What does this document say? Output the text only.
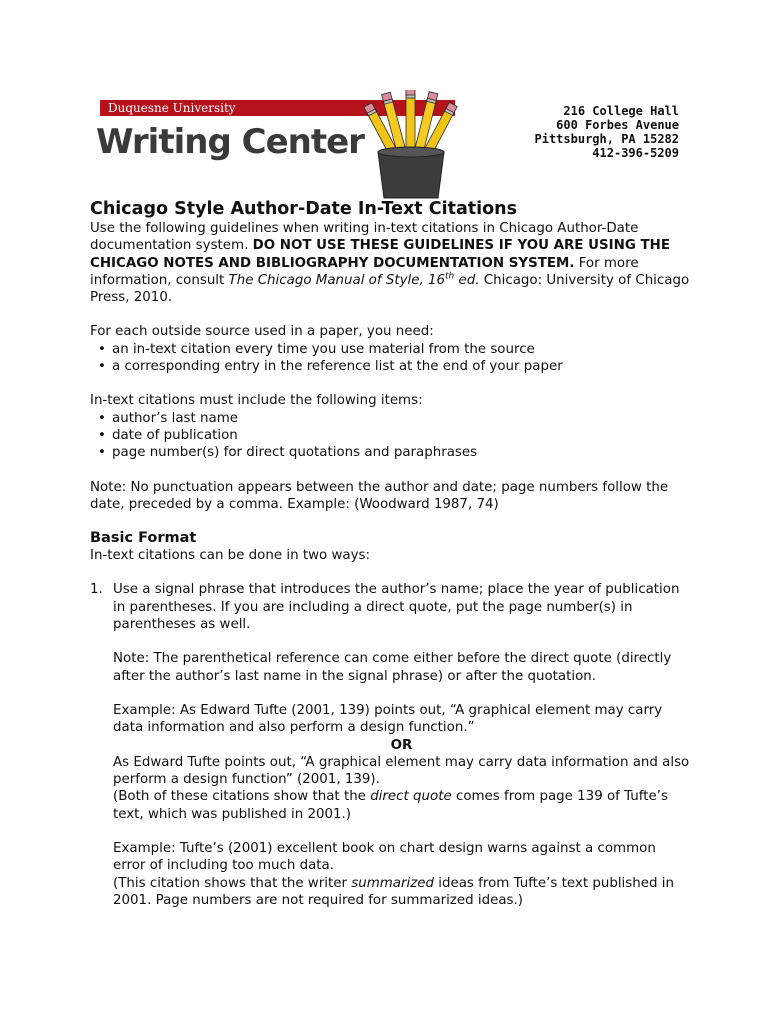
Duquesne University
Writing Center
216 College Hall
600 Forbes Avenue
Pittsburgh, PA 15282
412-396-5209
Chicago Style Author-Date In-Text Citations

Use the following guidelines when writing in-text citations in Chicago Author-Date documentation system. DO NOT USE THESE GUIDELINES IF YOU ARE USING THE CHICAGO NOTES AND BIBLIOGRAPHY DOCUMENTATION SYSTEM. For more information, consult The Chicago Manual of Style, 16th ed. Chicago: University of Chicago Press, 2010.

For each outside source used in a paper, you need:

• an in-text citation every time you use material from the source
• a corresponding entry in the reference list at the end of your paper

In-text citations must include the following items:

• author’s last name
• date of publication
• page number(s) for direct quotations and paraphrases

Note: No punctuation appears between the author and date; page numbers follow the date, preceded by a comma. Example: (Woodward 1987, 74)

Basic Format

In-text citations can be done in two ways:

1. Use a signal phrase that introduces the author’s name; place the year of publication in parentheses. If you are including a direct quote, put the page number(s) in parentheses as well.

Note: The parenthetical reference can come either before the direct quote (directly after the author’s last name in the signal phrase) or after the quotation.

Example: As Edward Tufte (2001, 139) points out, “A graphical element may carry data information and also perform a design function.”

OR

As Edward Tufte points out, “A graphical element may carry data information and also perform a design function” (2001, 139).

(Both of these citations show that the direct quote comes from page 139 of Tufte’s text, which was published in 2001.)

Example: Tufte’s (2001) excellent book on chart design warns against a common error of including too much data.

(This citation shows that the writer summarized ideas from Tufte’s text published in 2001. Page numbers are not required for summarized ideas.)
